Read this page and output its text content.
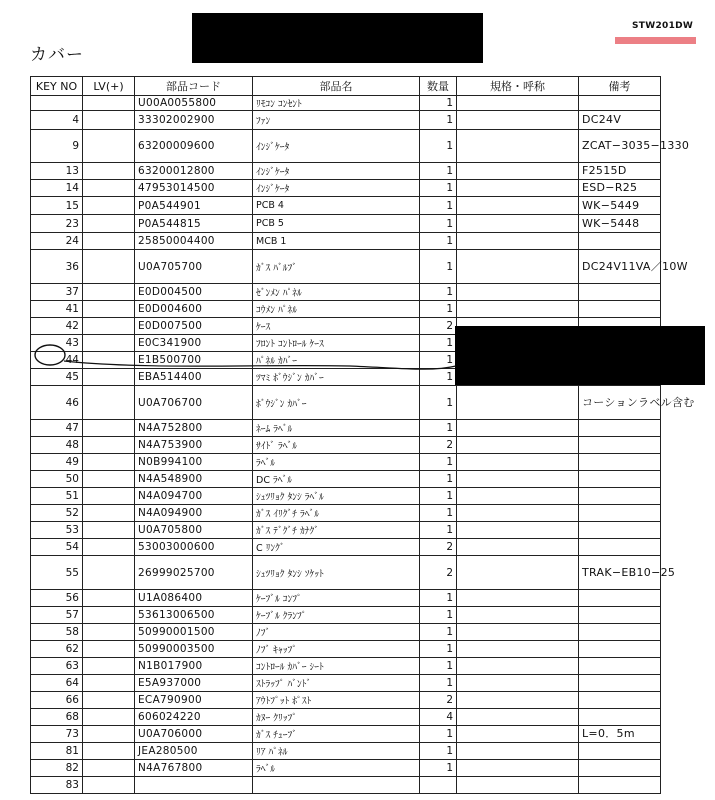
カバー
STW201DW
KEY NO	LV(+)	部品コード	部品名	数量	規格・呼称	備考
		U00A0055800	ﾘﾓｺﾝ ｺﾝｾﾝﾄ	1		
4		33302002900	ﾌｧﾝ	1		DC24V
9		63200009600	ｲﾝｼﾞｹｰﾀ	1		ZCAT−3035−1330
13		63200012800	ｲﾝｼﾞｹｰﾀ	1		F2515D
14		47953014500	ｲﾝｼﾞｹｰﾀ	1		ESD−R25
15		P0A544901	PCB 4	1		WK−5449
23		P0A544815	PCB 5	1		WK−5448
24		25850004400	MCB 1	1		
36		U0A705700	ｶﾞｽ ﾊﾞﾙﾌﾞ	1		DC24V11VA／10W
37		E0D004500	ｾﾞﾝﾒﾝ ﾊﾟﾈﾙ	1		
41		E0D004600	ｺｳﾒﾝ ﾊﾟﾈﾙ	1		
42		E0D007500	ｹｰｽ	2		
43		E0C341900	ﾌﾛﾝﾄ ｺﾝﾄﾛｰﾙ ｹｰｽ	1		
44		E1B500700	ﾊﾟﾈﾙ ｶﾊﾞｰ	1		
45		EBA514400	ﾂﾏﾐ ﾎﾞｳｼﾞﾝ ｶﾊﾞｰ	1		
46		U0A706700	ﾎﾞｳｼﾞﾝ ｶﾊﾞｰ	1		コーションラベル含む
47		N4A752800	ﾈｰﾑ ﾗﾍﾞﾙ	1		
48		N4A753900	ｻｲﾄﾞ ﾗﾍﾞﾙ	2		
49		N0B994100	ﾗﾍﾞﾙ	1		
50		N4A548900	DC ﾗﾍﾞﾙ	1		
51		N4A094700	ｼｭﾂﾘｮｸ ﾀﾝｼ ﾗﾍﾞﾙ	1		
52		N4A094900	ｶﾞｽ ｲﾘｸﾞﾁ ﾗﾍﾞﾙ	1		
53		U0A705800	ｶﾞｽ ﾃﾞｸﾞﾁ ｶﾅｸﾞ	1		
54		53003000600	C ﾘﾝｸﾞ	2		
55		26999025700	ｼｭﾂﾘｮｸ ﾀﾝｼ ｿｹｯﾄ	2		TRAK−EB10−25
56		U1A086400	ｹｰﾌﾞﾙ ｺﾝﾌﾟ	1		
57		53613006500	ｹｰﾌﾞﾙ ｸﾗﾝﾌﾟ	1		
58		50990001500	ﾉﾌﾞ	1		
62		50990003500	ﾉﾌﾞ ｷｬｯﾌﾟ	1		
63		N1B017900	ｺﾝﾄﾛｰﾙ ｶﾊﾞｰ ｼｰﾄ	1		
64		E5A937000	ｽﾄﾗｯﾌﾟ ﾊﾞﾝﾄﾞ	1		
66		ECA790900	ｱｳﾄﾌﾟｯﾄ ﾎﾟｽﾄ	2		
68		606024220	ｶﾇｰ ｸﾘｯﾌﾟ	4		
73		U0A706000	ｶﾞｽ ﾁｭｰﾌﾞ	1		L=0．5m
81		JEA280500	ﾘｱ ﾊﾟﾈﾙ	1		
82		N4A767800	ﾗﾍﾞﾙ	1		
83						
